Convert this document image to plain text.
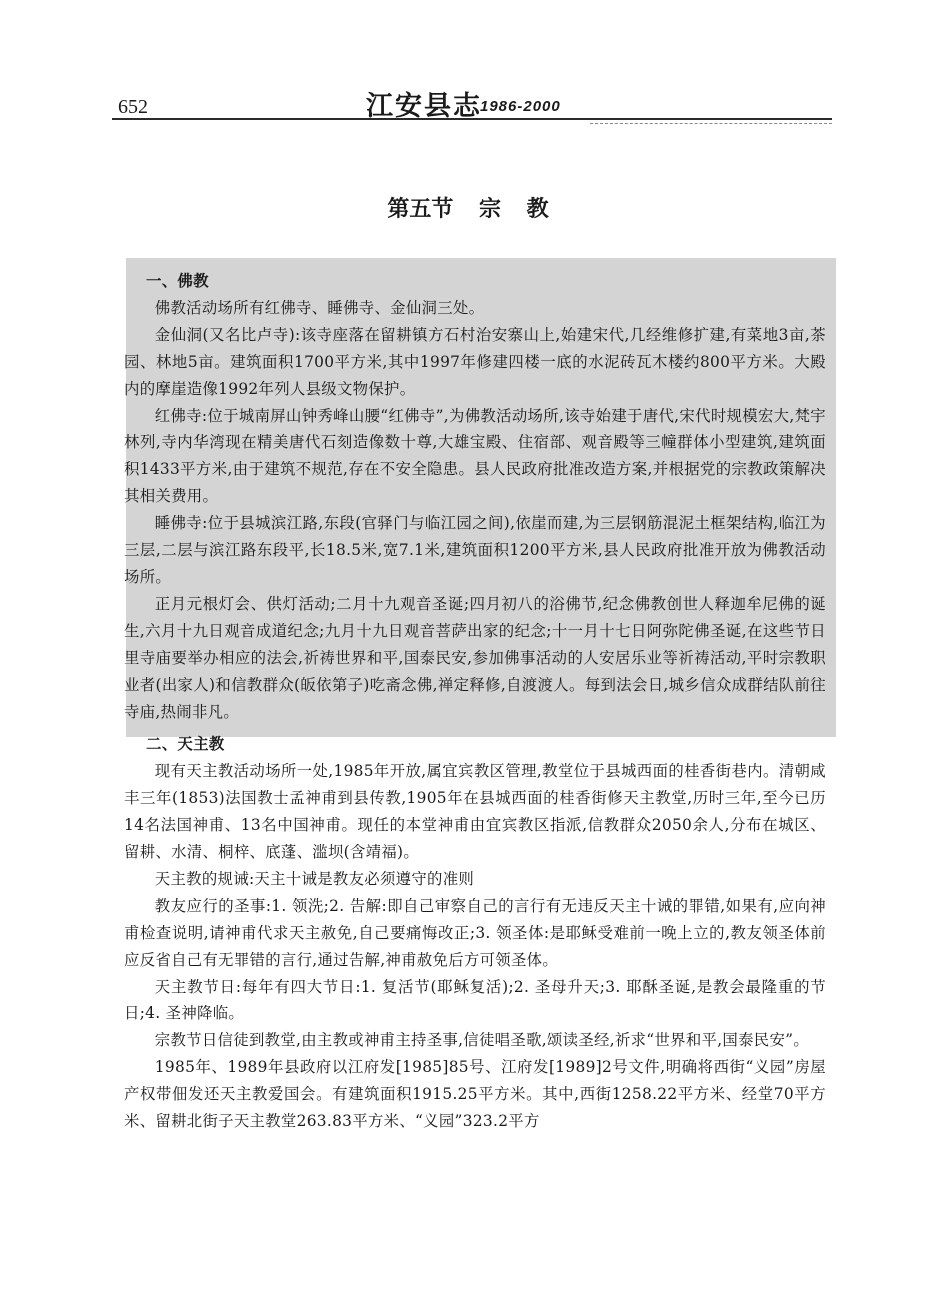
652	江安县志
1986-2000
第五节 宗 教
一、佛教

佛教活动场所有红佛寺、睡佛寺、金仙洞三处。

金仙洞(又名比卢寺):该寺座落在留耕镇方石村治安寨山上,始建宋代,几经维修扩建,有菜地3亩,茶园、林地5亩。建筑面积1700平方米,其中1997年修建四楼一底的水泥砖瓦木楼约800平方米。大殿内的摩崖造像1992年列人县级文物保护。

红佛寺:位于城南屏山钟秀峰山腰“红佛寺”,为佛教活动场所,该寺始建于唐代,宋代时规模宏大,梵宇林列,寺内华湾现在精美唐代石刻造像数十尊,大雄宝殿、住宿部、观音殿等三幢群体小型建筑,建筑面积1433平方米,由于建筑不规范,存在不安全隐患。县人民政府批准改造方案,并根据党的宗教政策解决其相关费用。

睡佛寺:位于县城滨江路,东段(官驿门与临江园之间),依崖而建,为三层钢筋混泥土框架结构,临江为三层,二层与滨江路东段平,长18.5米,宽7.1米,建筑面积1200平方米,县人民政府批准开放为佛教活动场所。

正月元根灯会、供灯活动;二月十九观音圣诞;四月初八的浴佛节,纪念佛教创世人释迦牟尼佛的诞生,六月十九日观音成道纪念;九月十九日观音菩萨出家的纪念;十一月十七日阿弥陀佛圣诞,在这些节日里寺庙要举办相应的法会,祈祷世界和平,国泰民安,参加佛事活动的人安居乐业等祈祷活动,平时宗教职业者(出家人)和信教群众(皈依第子)吃斋念佛,禅定释修,自渡渡人。每到法会日,城乡信众成群结队前往寺庙,热闹非凡。

二、天主教

现有天主教活动场所一处,1985年开放,属宜宾教区管理,教堂位于县城西面的桂香街巷内。清朝咸丰三年(1853)法国教士孟神甫到县传教,1905年在县城西面的桂香街修天主教堂,历时三年,至今已历14名法国神甫、13名中国神甫。现任的本堂神甫由宜宾教区指派,信教群众2050余人,分布在城区、留耕、水清、桐梓、底蓬、滥坝(含靖福)。

天主教的规诫:天主十诫是教友必须遵守的准则

教友应行的圣事:1. 领洗;2. 告解:即自己审察自己的言行有无违反天主十诫的罪错,如果有,应向神甫检查说明,请神甫代求天主赦免,自己要痛悔改正;3. 领圣体:是耶稣受难前一晚上立的,教友领圣体前应反省自己有无罪错的言行,通过告解,神甫赦免后方可领圣体。

天主教节日:每年有四大节日:1. 复活节(耶稣复活);2. 圣母升天;3. 耶酥圣诞,是教会最隆重的节日;4. 圣神降临。

宗教节日信徒到教堂,由主教或神甫主持圣事,信徒唱圣歌,颂读圣经,祈求“世界和平,国泰民安”。

1985年、1989年县政府以江府发[1985]85号、江府发[1989]2号文件,明确将西街“义园”房屋产权带佃发还天主教爱国会。有建筑面积1915.25平方米。其中,西街1258.22平方米、经堂70平方米、留耕北街子天主教堂263.83平方米、“义园”323.2平方
